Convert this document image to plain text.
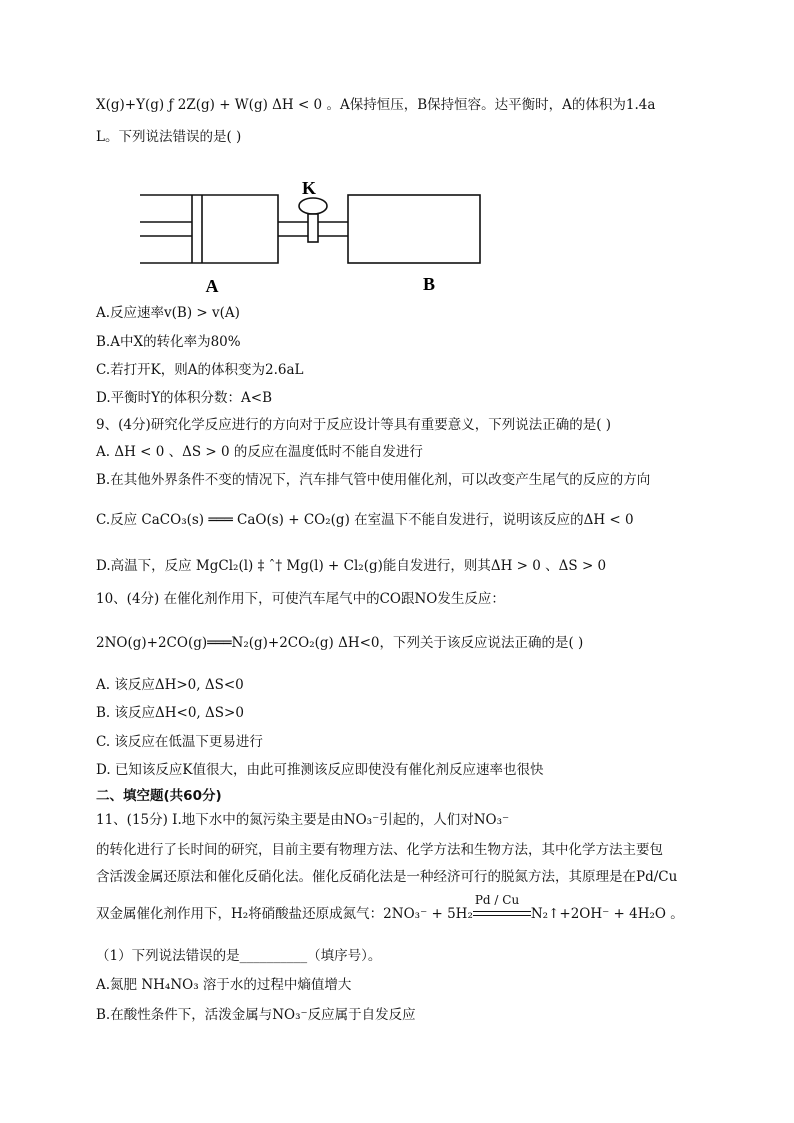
X(g)+Y(g) ƒ 2Z(g) + W(g) ΔH < 0 。A保持恒压，B保持恒容。达平衡时，A的体积为1.4a
L。下列说法错误的是( )
K
A	B
A.反应速率v(B) > v(A)
B.A中X的转化率为80%
C.若打开K，则A的体积变为2.6aL
D.平衡时Y的体积分数：A<B
9、(4分)研究化学反应进行的方向对于反应设计等具有重要意义，下列说法正确的是( )
A. ΔH < 0 、ΔS > 0 的反应在温度低时不能自发进行
B.在其他外界条件不变的情况下，汽车排气管中使用催化剂，可以改变产生尾气的反应的方向
C.反应 CaCO₃(s) ═══ CaO(s) + CO₂(g) 在室温下不能自发进行，说明该反应的ΔH < 0
D.高温下，反应 MgCl₂(l) ‡ ˆ† Mg(l) + Cl₂(g)能自发进行，则其ΔH > 0 、ΔS > 0
10、(4分) 在催化剂作用下，可使汽车尾气中的CO跟NO发生反应：
2NO(g)+2CO(g)═══N₂(g)+2CO₂(g) ΔH<0，下列关于该反应说法正确的是( )
A. 该反应ΔH>0, ΔS<0
B. 该反应ΔH<0, ΔS>0
C. 该反应在低温下更易进行
D. 已知该反应K值很大，由此可推测该反应即使没有催化剂反应速率也很快
二、填空题(共60分)
11、(15分) Ⅰ.地下水中的氮污染主要是由NO₃⁻引起的，人们对NO₃⁻
的转化进行了长时间的研究，目前主要有物理方法、化学方法和生物方法，其中化学方法主要包
含活泼金属还原法和催化反硝化法。催化反硝化法是一种经济可行的脱氮方法，其原理是在Pd/Cu
双金属催化剂作用下，H₂将硝酸盐还原成氮气：2NO₃⁻ + 5H₂
Pd / Cu
N₂↑+2OH⁻ + 4H₂O 。
（1）下列说法错误的是__________（填序号）。
A.氮肥 NH₄NO₃ 溶于水的过程中熵值增大
B.在酸性条件下，活泼金属与NO₃⁻反应属于自发反应
